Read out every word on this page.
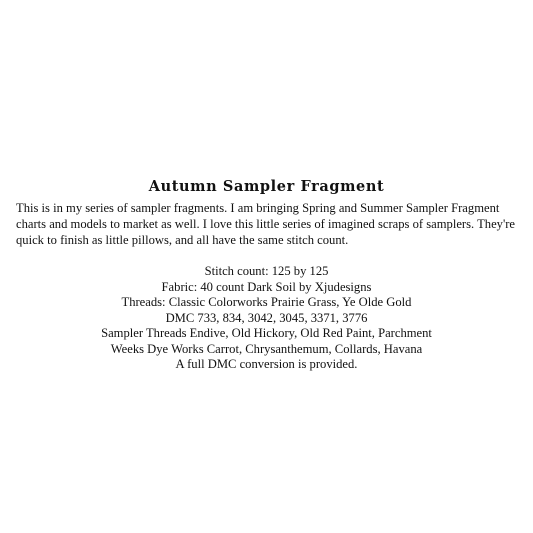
Autumn Sampler Fragment

This is in my series of sampler fragments. I am bringing Spring and Summer Sampler Fragment charts and models to market as well. I love this little series of imagined scraps of samplers. They're quick to finish as little pillows, and all have the same stitch count.

Stitch count: 125 by 125
Fabric: 40 count Dark Soil by Xjudesigns
Threads: Classic Colorworks Prairie Grass, Ye Olde Gold
DMC 733, 834, 3042, 3045, 3371, 3776
Sampler Threads Endive, Old Hickory, Old Red Paint, Parchment
Weeks Dye Works Carrot, Chrysanthemum, Collards, Havana
A full DMC conversion is provided.
